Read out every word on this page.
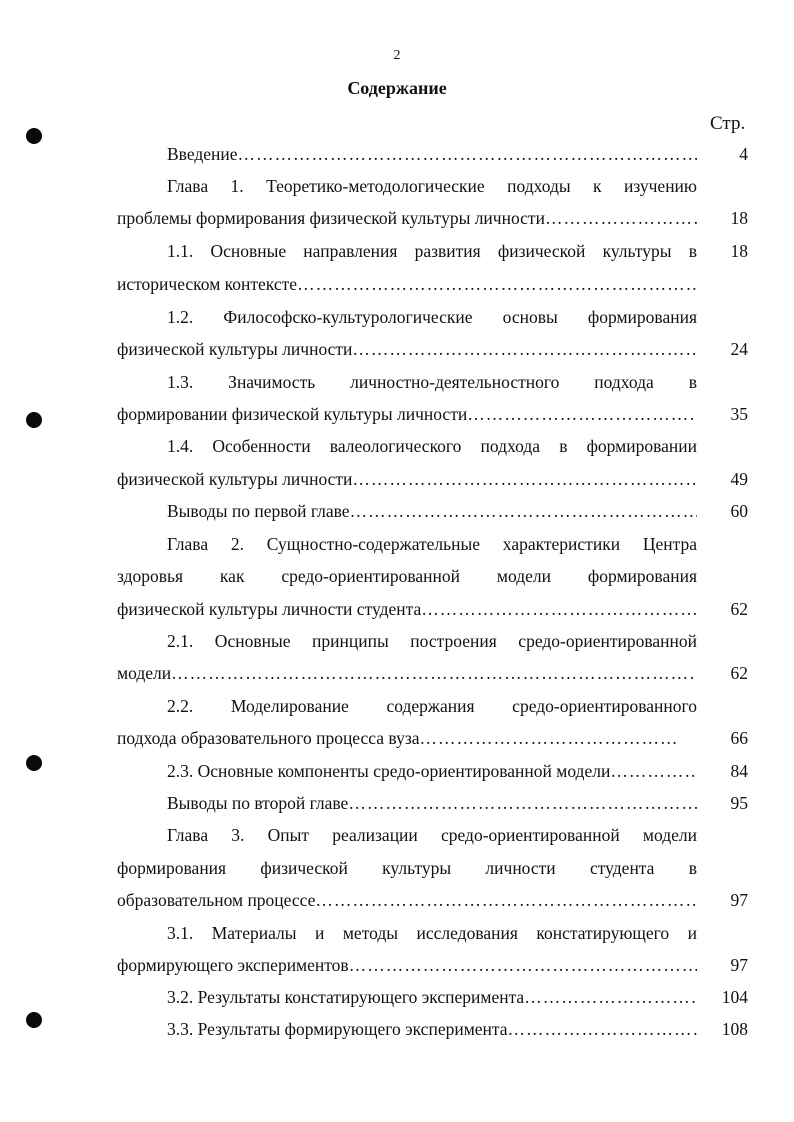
2
Содержание
Стр.
Введение …………………………………………………………………………………………………………………………………………………………	4
Глава 1. Теоретико-методологические подходы к изучению
проблемы формирования физической культуры личности …………………………………………………………………………………………………………………………………………………………	18
1.1. Основные направления развития физической культуры в	18
историческом контексте
…………………………………………………………………………………………………………………………………………………………
1.2. Философско-культурологические основы формирования
физической культуры личности …………………………………………………………………………………………………………………………………………………………	24
1.3. Значимость личностно-деятельностного подхода в
формировании физической культуры личности …………………………………………………………………………………………………………………………………………………………	35
1.4. Особенности валеологического подхода в формировании
физической культуры личности …………………………………………………………………………………………………………………………………………………………	49
Выводы по первой главе …………………………………………………………………………………………………………………………………………………………	60
Глава 2. Сущностно-содержательные характеристики Центра
здоровья как средо-ориентированной модели формирования
физической культуры личности студента …………………………………………………………………………………………………………………………………………………………	62
2.1. Основные принципы построения средо-ориентированной
модели …………………………………………………………………………………………………………………………………………………………	62
2.2. Моделирование содержания средо-ориентированного
подхода образовательного процесса вуза …………………………………………………………………………………………………………………………………………………………	66
2.3. Основные компоненты средо-ориентированной модели …………………………………………………………………………………………………………………………………………………………	84
Выводы по второй главе …………………………………………………………………………………………………………………………………………………………	95
Глава 3. Опыт реализации средо-ориентированной модели
формирования физической культуры личности студента в
образовательном процессе …………………………………………………………………………………………………………………………………………………………	97
3.1. Материалы и методы исследования констатирующего и
формирующего экспериментов …………………………………………………………………………………………………………………………………………………………	97
3.2. Результаты констатирующего эксперимента …………………………………………………………………………………………………………………………………………………………	104
3.3. Результаты формирующего эксперимента …………………………………………………………………………………………………………………………………………………………	108
